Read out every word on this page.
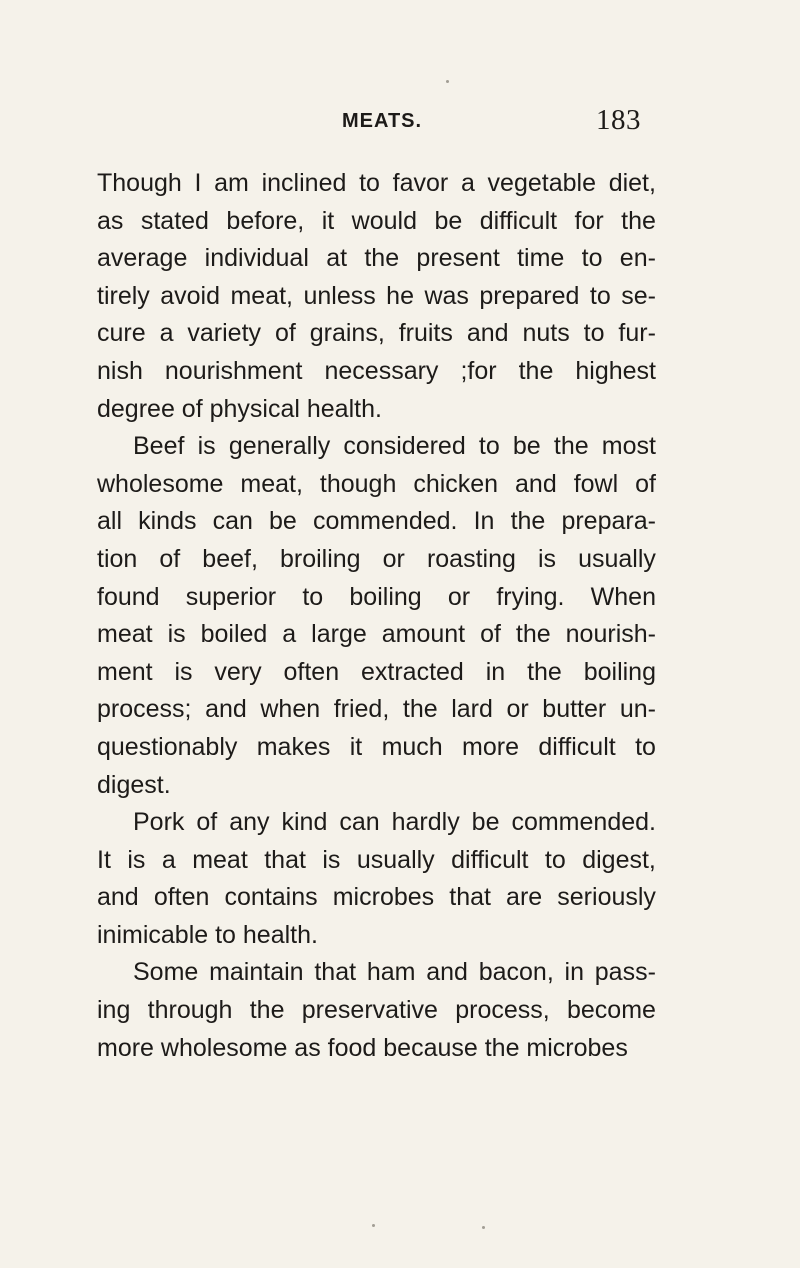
MEATS.	183
Though I am inclined to favor a vegetable diet,
as stated before, it would be difficult for the
average individual at the present time to en-
tirely avoid meat, unless he was prepared to se-
cure a variety of grains, fruits and nuts to fur-
nish nourishment necessary ;for the highest
degree of physical health.
Beef is generally considered to be the most
wholesome meat, though chicken and fowl of
all kinds can be commended. In the prepara-
tion of beef, broiling or roasting is usually
found superior to boiling or frying. When
meat is boiled a large amount of the nourish-
ment is very often extracted in the boiling
process; and when fried, the lard or butter un-
questionably makes it much more difficult to
digest.
Pork of any kind can hardly be commended.
It is a meat that is usually difficult to digest,
and often contains microbes that are seriously
inimicable to health.
Some maintain that ham and bacon, in pass-
ing through the preservative process, become
more wholesome as food because the microbes
